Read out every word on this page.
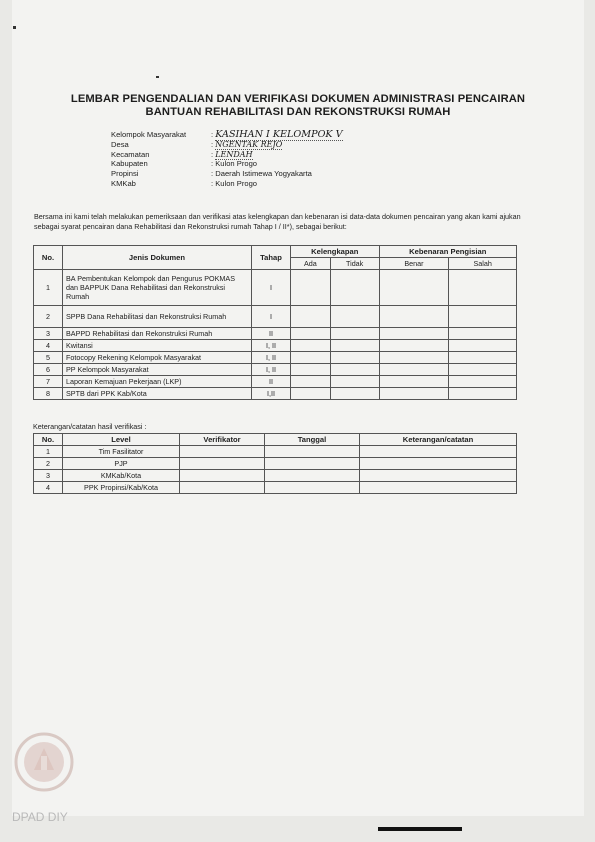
LEMBAR PENGENDALIAN DAN VERIFIKASI DOKUMEN ADMINISTRASI PENCAIRAN
BANTUAN REHABILITASI DAN REKONSTRUKSI RUMAH
Kelompok Masyarakat	: KASIHAN I KELOMPOK V
Desa	: NGENTAK REJO
Kecamatan	: LENDAH
Kabupaten	: Kulon Progo
Propinsi	: Daerah Istimewa Yogyakarta
KMKab	: Kulon Progo
Bersama ini kami telah melakukan pemeriksaan dan verifikasi atas kelengkapan dan kebenaran isi data-data dokumen pencairan yang akan kami ajukan sebagai syarat pencairan dana Rehabilitasi dan Rekonstruksi rumah Tahap I / II*), sebagai berikut:
No.	Jenis Dokumen	Tahap	Kelengkapan		Kebenaran Pengisian	
			Ada	Tidak	Benar	Salah
1	BA Pembentukan Kelompok dan Pengurus POKMAS dan BAPPUK Dana Rehabilitasi dan Rekonstruksi Rumah	I				
2	SPPB Dana Rehabilitasi dan Rekonstruksi Rumah	I				
3	BAPPD Rehabilitasi dan Rekonstruksi Rumah	II				
4	Kwitansi	I, II				
5	Fotocopy Rekening Kelompok Masyarakat	I, II				
6	PP Kelompok Masyarakat	I, II				
7	Laporan Kemajuan Pekerjaan (LKP)	II				
8	SPTB dari PPK Kab/Kota	I,II				
Keterangan/catatan hasil verifikasi :
No.	Level	Verifikator	Tanggal	Keterangan/catatan
1	Tim Fasilitator			
2	PJP			
3	KMKab/Kota			
4	PPK Propinsi/Kab/Kota			
DPAD DIY
